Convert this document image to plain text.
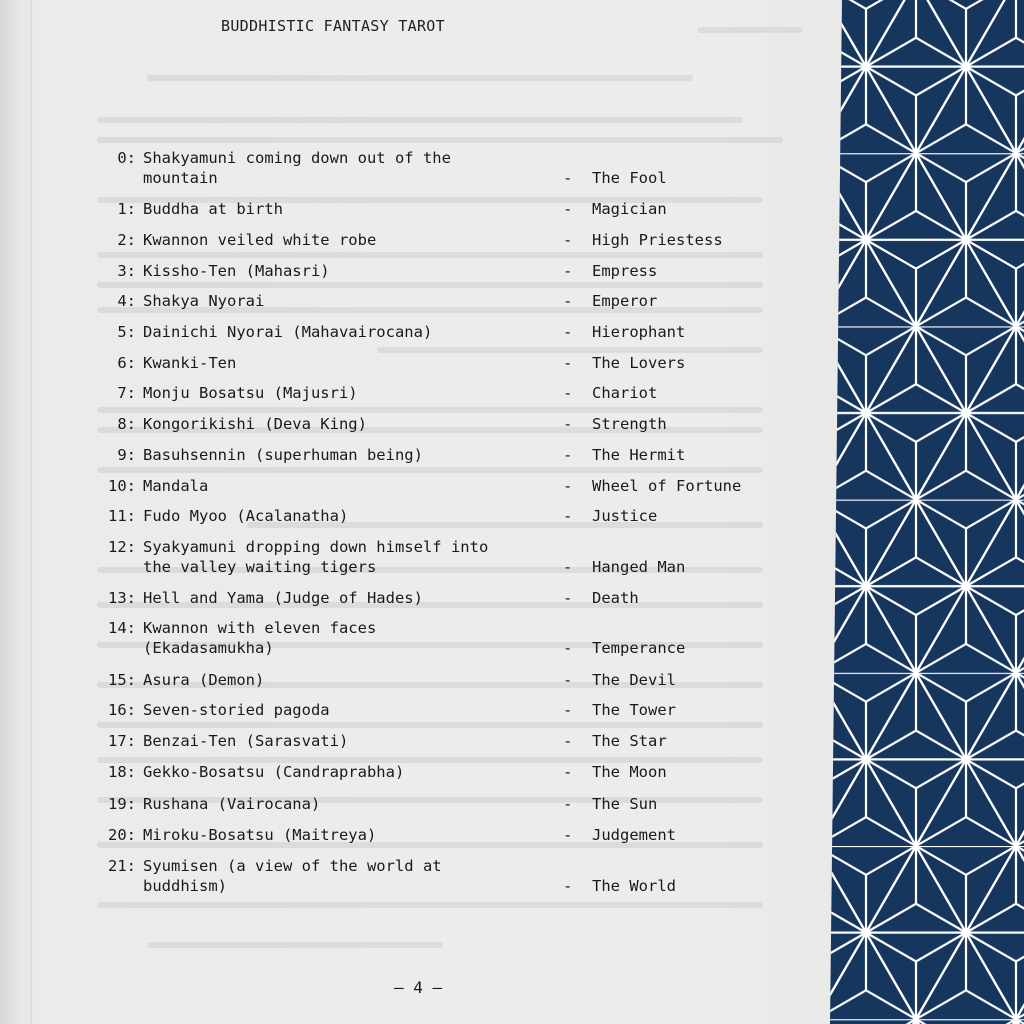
BUDDHISTIC FANTASY TAROT
0: Shakyamuni coming down out of the
mountain	- The Fool
1: Buddha at birth	- Magician
2: Kwannon veiled white robe	- High Priestess
3: Kissho-Ten (Mahasri)	- Empress
4: Shakya Nyorai	- Emperor
5: Dainichi Nyorai (Mahavairocana)	- Hierophant
6: Kwanki-Ten	- The Lovers
7: Monju Bosatsu (Majusri)	- Chariot
8: Kongorikishi (Deva King)	- Strength
9: Basuhsennin (superhuman being)	- The Hermit
10: Mandala	- Wheel of Fortune
11: Fudo Myoo (Acalanatha)	- Justice
12: Syakyamuni dropping down himself into
the valley waiting tigers	- Hanged Man
13: Hell and Yama (Judge of Hades)	- Death
14: Kwannon with eleven faces
(Ekadasamukha)	- Temperance
15: Asura (Demon)	- The Devil
16: Seven-storied pagoda	- The Tower
17: Benzai-Ten (Sarasvati)	- The Star
18: Gekko-Bosatsu (Candraprabha)	- The Moon
19: Rushana (Vairocana)	- The Sun
20: Miroku-Bosatsu (Maitreya)	- Judgement
21: Syumisen (a view of the world at
buddhism)	- The World
— 4 —
